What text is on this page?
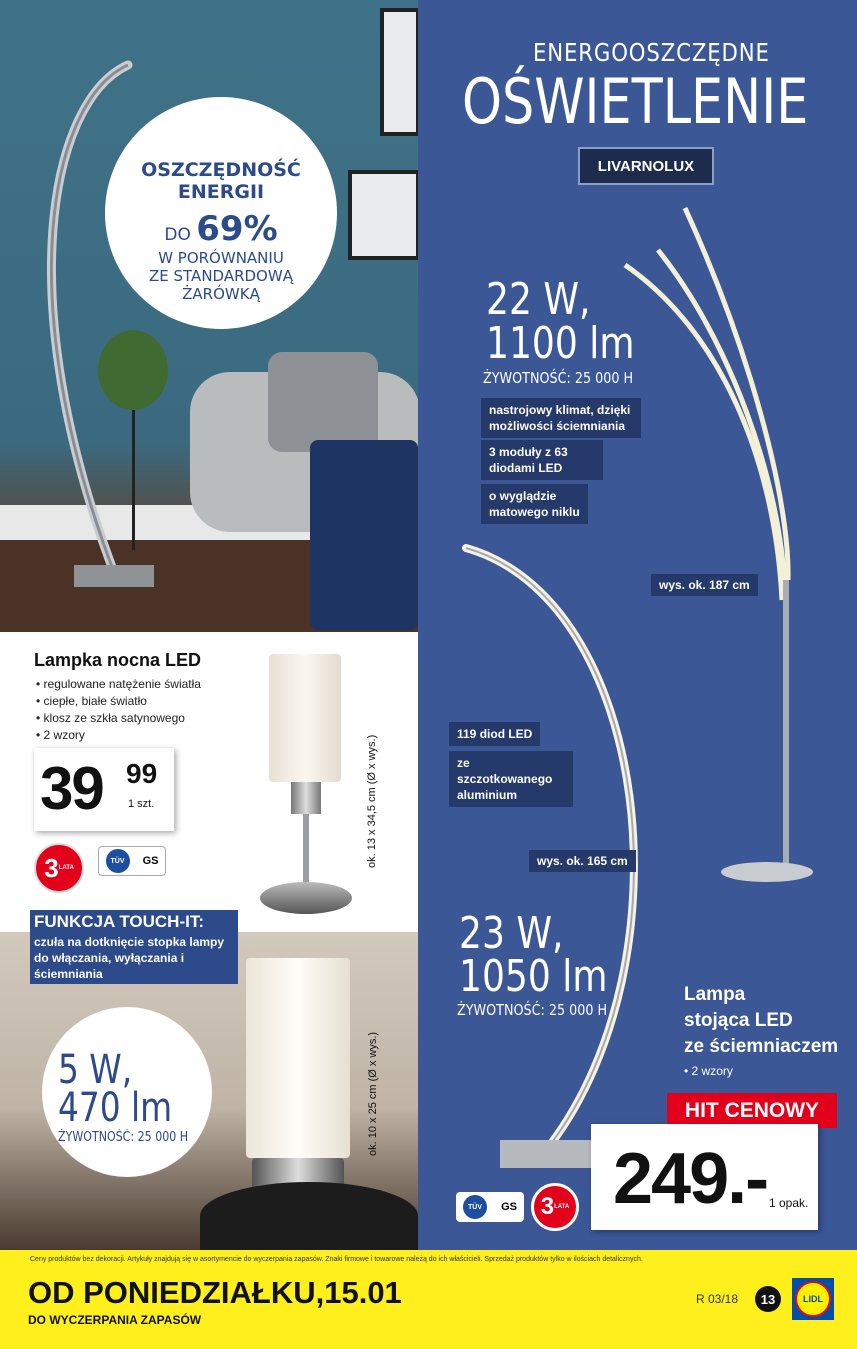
OSZCZĘDNOŚĆ ENERGII
DO 69%
W PORÓWNANIU
ZE STANDARDOWĄ
ŻARÓWKĄ
ENERGOOSZCZĘDNE
OŚWIETLENIE
LIVARNOLUX
22 W,
1100 lm
ŻYWOTNOŚĆ: 25 000 H
nastrojowy klimat, dzięki możliwości ściemniania
3 moduły z 63 diodami LED
o wyglądzie matowego niklu
wys. ok. 187 cm
119 diod LED
ze szczotkowanego aluminium
wys. ok. 165 cm
23 W,
1050 lm
ŻYWOTNOŚĆ: 25 000 H
Lampa
stojąca LED
ze ściemniaczem
• 2 wzory
HIT CENOWY
249.- 1 opak.
TÜV	GS 3 LATA
Lampka nocna LED
• regulowane natężenie światła
• ciepłe, białe światło
• klosz ze szkła satynowego
• 2 wzory
39 99
1 szt.
3 LATA
TÜV	GS	ok. 13 x 34,5 cm (Ø x wys.)
FUNKCJA TOUCH-IT:
czuła na dotknięcie stopka lampy do włączania, wyłączania i ściemniania
5 W,
470 lm
ŻYWOTNOŚĆ: 25 000 H	ok. 10 x 25 cm (Ø x wys.)
Ceny produktów bez dekoracji. Artykuły znajdują się w asortymencie do wyczerpania zapasów. Znaki firmowe i towarowe należą do ich właścicieli. Sprzedaż produktów tylko w ilościach detalicznych.
OD PONIEDZIAŁKU,15.01
DO WYCZERPANIA ZAPASÓW
R 03/18	13	LIDL
